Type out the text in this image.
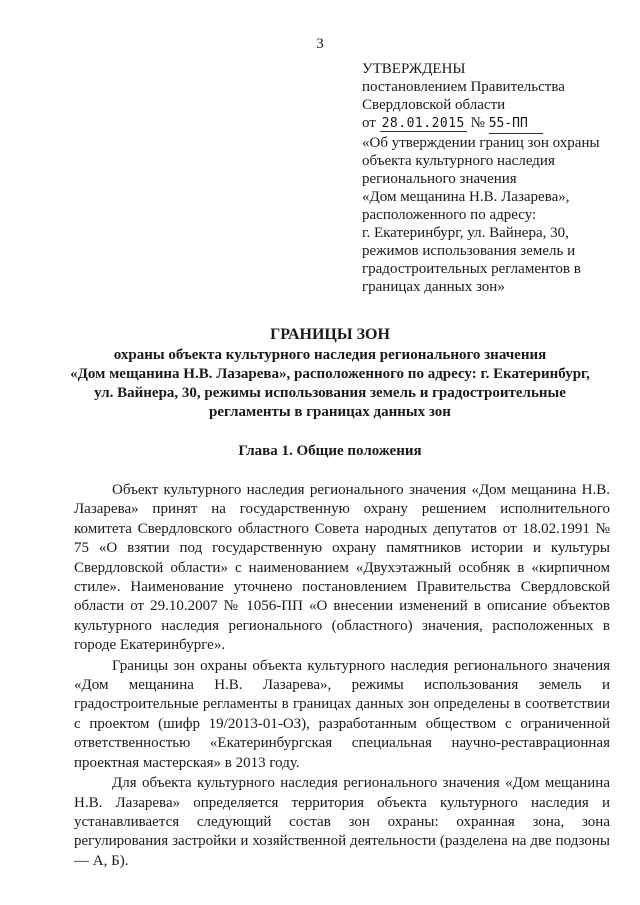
3
УТВЕРЖДЕНЫ
постановлением Правительства
Свердловской области
от 28.01.2015 № 55-ПП
«Об утверждении границ зон охраны
объекта культурного наследия
регионального значения
«Дом мещанина Н.В. Лазарева»,
расположенного по адресу:
г. Екатеринбург, ул. Вайнера, 30,
режимов использования земель и
градостроительных регламентов в
границах данных зон»
ГРАНИЦЫ ЗОН
охраны объекта культурного наследия регионального значения
«Дом мещанина Н.В. Лазарева», расположенного по адресу: г. Екатеринбург,
ул. Вайнера, 30, режимы использования земель и градостроительные
регламенты в границах данных зон
Глава 1. Общие положения

Объект культурного наследия регионального значения «Дом мещанина Н.В. Лазарева» принят на государственную охрану решением исполнительного комитета Свердловского областного Совета народных депутатов от 18.02.1991 № 75 «О взятии под государственную охрану памятников истории и культуры Свердловской области» с наименованием «Двухэтажный особняк в «кирпичном стиле». Наименование уточнено постановлением Правительства Свердловской области от 29.10.2007 № 1056-ПП «О внесении изменений в описание объектов культурного наследия регионального (областного) значения, расположенных в городе Екатеринбурге».

Границы зон охраны объекта культурного наследия регионального значения «Дом мещанина Н.В. Лазарева», режимы использования земель и градостроительные регламенты в границах данных зон определены в соответствии с проектом (шифр 19/2013-01-ОЗ), разработанным обществом с ограниченной ответственностью «Екатеринбургская специальная научно-реставрационная проектная мастерская» в 2013 году.

Для объекта культурного наследия регионального значения «Дом мещанина Н.В. Лазарева» определяется территория объекта культурного наследия и устанавливается следующий состав зон охраны: охранная зона, зона регулирования застройки и хозяйственной деятельности (разделена на две подзоны — А, Б).
